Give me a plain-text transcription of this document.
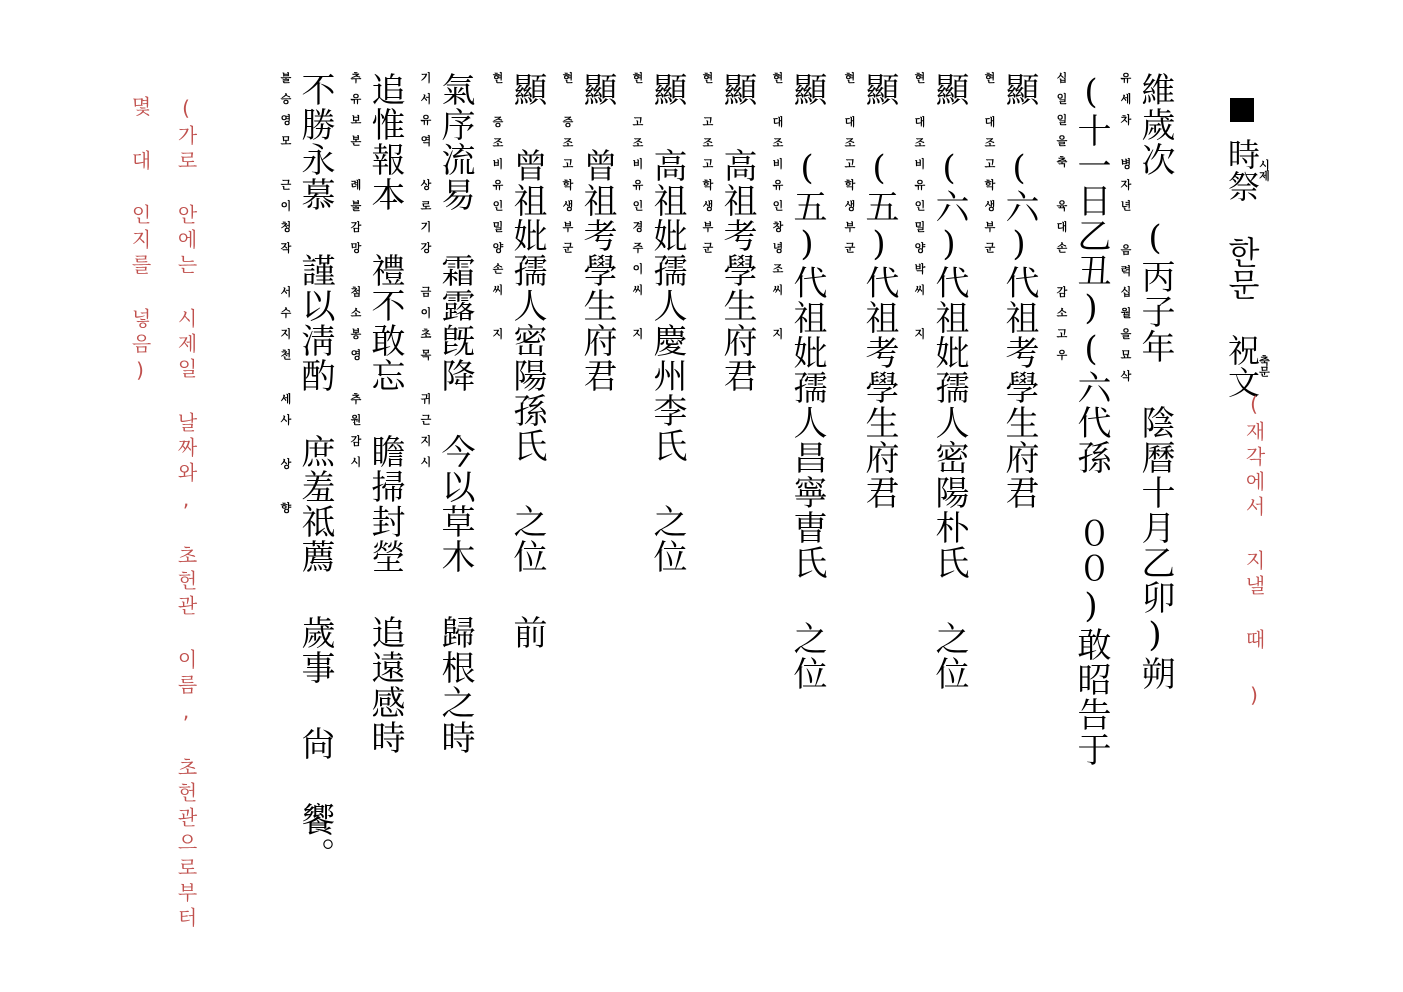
時祭시제한문祝文축문
(재각에서 지낼 때 )
維歲次 (丙子年 陰曆十月乙卯)朔
유세차 병자년 음력십월을묘삭
(十一日乙丑)(六代孫 ００)敢昭告于
십일일을축 육대손 감소고우
顯 (六)代祖考學生府君
현 대조고학생부군
顯 (六)代祖妣孺人密陽朴氏 之位
현 대조비유인밀양박씨 지
顯 (五)代祖考學生府君
현 대조고학생부군
顯 (五)代祖妣孺人昌寧曺氏 之位
현 대조비유인창녕조씨 지
顯 高祖考學生府君
현 고조고학생부군
顯 高祖妣孺人慶州李氏 之位
현 고조비유인경주이씨 지
顯 曾祖考學生府君
현 증조고학생부군
顯 曾祖妣孺人密陽孫氏 之位 前
현 증조비유인밀양손씨 지
氣序流易 霜露旣降 今以草木 歸根之時
기서유역 상로기강 금이초목 귀근지시
追惟報本 禮不敢忘 瞻掃封塋 追遠感時
추유보본 례불감망 첨소봉영 추원감시
不勝永慕 謹以淸酌 庶羞祗薦 歲事 尙 饗。
불승영모 근이청작 서수지천 세사 상 향
(가로 안에는 시제일 날짜와, 초헌관 이름, 초헌관으로부터
몇 대 인지를 넣음)
